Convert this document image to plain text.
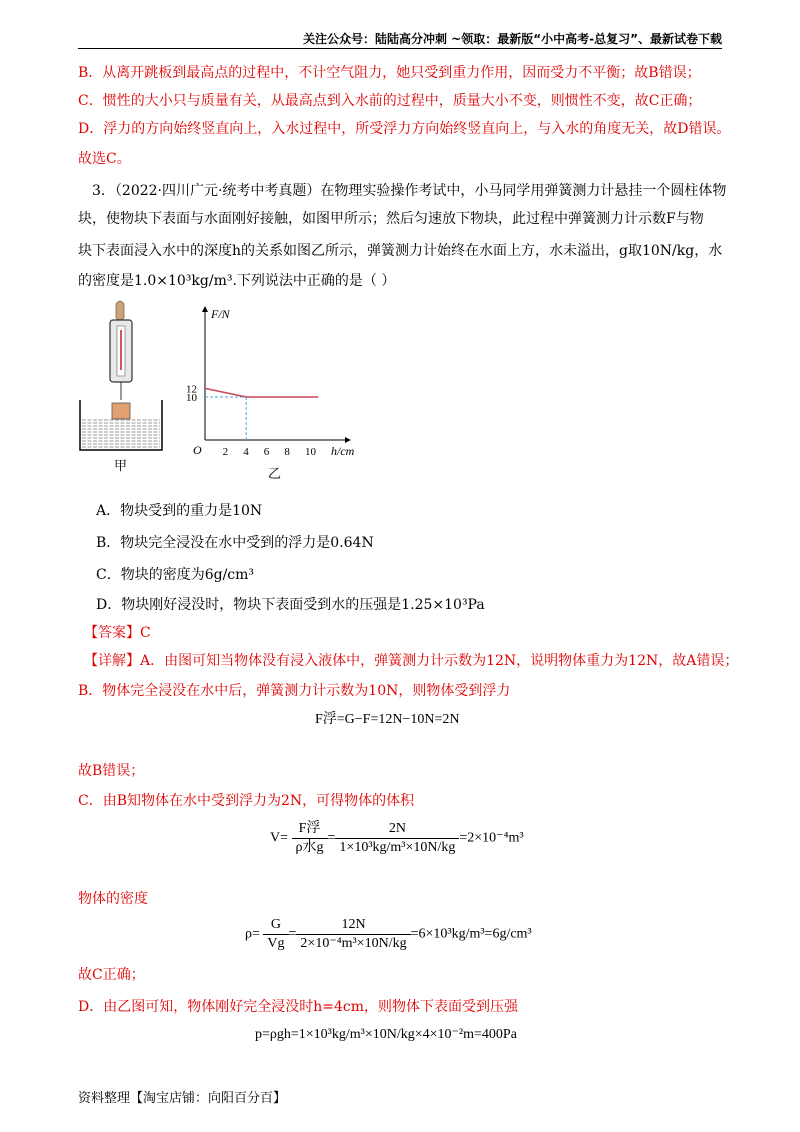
关注公众号：陆陆高分冲刺 ~领取：最新版“小中高考-总复习”、最新试卷下载
B．从离开跳板到最高点的过程中，不计空气阻力，她只受到重力作用，因而受力不平衡；故B错误；
C．惯性的大小只与质量有关，从最高点到入水前的过程中，质量大小不变，则惯性不变，故C正确；
D．浮力的方向始终竖直向上，入水过程中，所受浮力方向始终竖直向上，与入水的角度无关，故D错误。
故选C。
3．（2022·四川广元·统考中考真题）在物理实验操作考试中，小马同学用弹簧测力计悬挂一个圆柱体物
块，使物块下表面与水面刚好接触，如图甲所示；然后匀速放下物块，此过程中弹簧测力计示数F与物
块下表面浸入水中的深度h的关系如图乙所示，弹簧测力计始终在水面上方，水未溢出，g取10N/kg，水
的密度是1.0×10³kg/m³.下列说法中正确的是（ ）
甲
F/N
h/cm
O 2 4 6 8 10
10
12
乙
A．物块受到的重力是10N
B．物块完全浸没在水中受到的浮力是0.64N
C．物块的密度为6g/cm³
D．物块刚好浸没时，物块下表面受到水的压强是1.25×10³Pa
【答案】C
【详解】A．由图可知当物体没有浸入液体中，弹簧测力计示数为12N，说明物体重力为12N，故A错误；
B．物体完全浸没在水中后，弹簧测力计示数为10N，则物体受到浮力
F浮=G−F=12N−10N=2N
故B错误；
C．由B知物体在水中受到浮力为2N，可得物体的体积
$V= \frac{\text{F浮}}{\text{ρ水g}} = \frac{2N}{\text{1×10³kg/m³×10N/kg}} =2\times 10^{-4}m^3$
物体的密度
$\rho= \frac{G}{Vg} = \frac{12N}{\text{2×10⁻⁴m³×10N/kg}} =6\times 10^3kg/m^3=6g/cm^3$
故C正确；
D．由乙图可知，物体刚好完全浸没时h=4cm，则物体下表面受到压强
p=ρgh=1×10³kg/m³×10N/kg×4×10⁻²m=400Pa
资料整理【淘宝店铺：向阳百分百】
